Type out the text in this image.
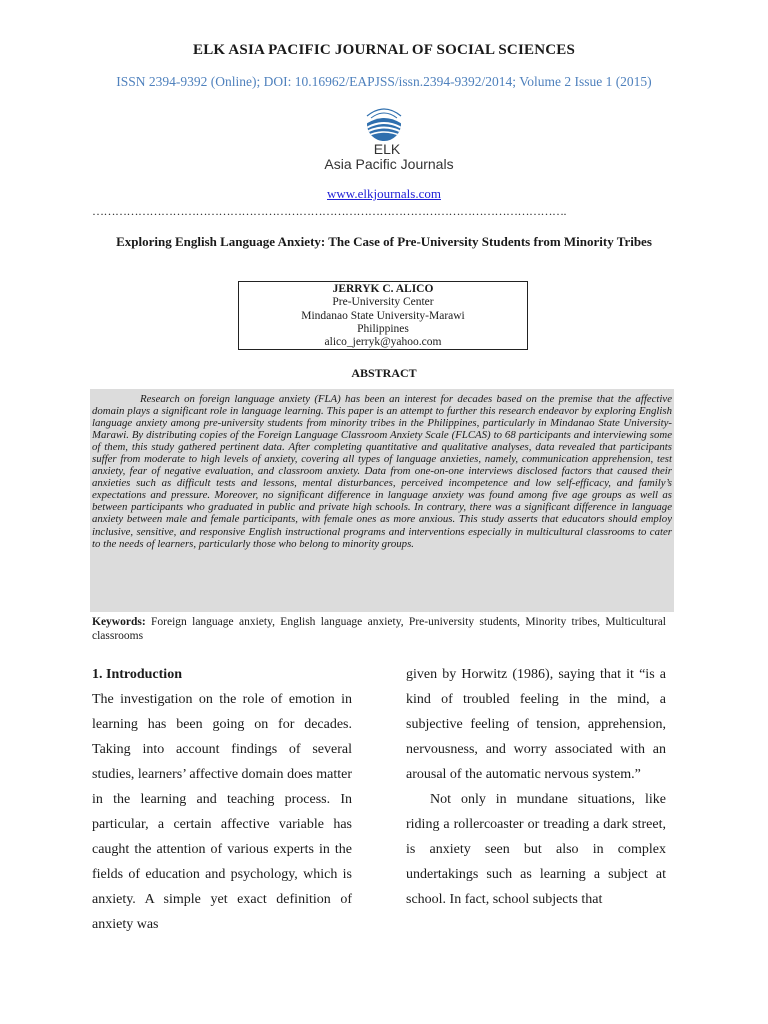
ELK ASIA PACIFIC JOURNAL OF SOCIAL SCIENCES
ISSN 2394-9392 (Online); DOI: 10.16962/EAPJSS/issn.2394-9392/2014; Volume 2 Issue 1 (2015)
ELK
Asia Pacific Journals
www.elkjournals.com
…………………………………………………………………………………………………………….
Exploring English Language Anxiety: The Case of Pre-University Students from Minority Tribes
JERRYK C. ALICO
Pre-University Center
Mindanao State University-Marawi
Philippines
alico_jerryk@yahoo.com
ABSTRACT

Research on foreign language anxiety (FLA) has been an interest for decades based on the premise that the affective domain plays a significant role in language learning. This paper is an attempt to further this research endeavor by exploring English language anxiety among pre-university students from minority tribes in the Philippines, particularly in Mindanao State University-Marawi. By distributing copies of the Foreign Language Classroom Anxiety Scale (FLCAS) to 68 participants and interviewing some of them, this study gathered pertinent data. After completing quantitative and qualitative analyses, data revealed that participants suffer from moderate to high levels of anxiety, covering all types of language anxieties, namely, communication apprehension, test anxiety, fear of negative evaluation, and classroom anxiety. Data from one-on-one interviews disclosed factors that caused their anxieties such as difficult tests and lessons, mental disturbances, perceived incompetence and low self-efficacy, and family’s expectations and pressure. Moreover, no significant difference in language anxiety was found among five age groups as well as between participants who graduated in public and private high schools. In contrary, there was a significant difference in language anxiety between male and female participants, with female ones as more anxious. This study asserts that educators should employ inclusive, sensitive, and responsive English instructional programs and interventions especially in multicultural classrooms to cater to the needs of learners, particularly those who belong to minority groups.

Keywords: Foreign language anxiety, English language anxiety, Pre-university students, Minority tribes, Multicultural classrooms

1. Introduction

The investigation on the role of emotion in learning has been going on for decades. Taking into account findings of several studies, learners’ affective domain does matter in the learning and teaching process. In particular, a certain affective variable has caught the attention of various experts in the fields of education and psychology, which is anxiety. A simple yet exact definition of anxiety was

given by Horwitz (1986), saying that it “is a kind of troubled feeling in the mind, a subjective feeling of tension, apprehension, nervousness, and worry associated with an arousal of the automatic nervous system.”

Not only in mundane situations, like riding a rollercoaster or treading a dark street, is anxiety seen but also in complex undertakings such as learning a subject at school. In fact, school subjects that
